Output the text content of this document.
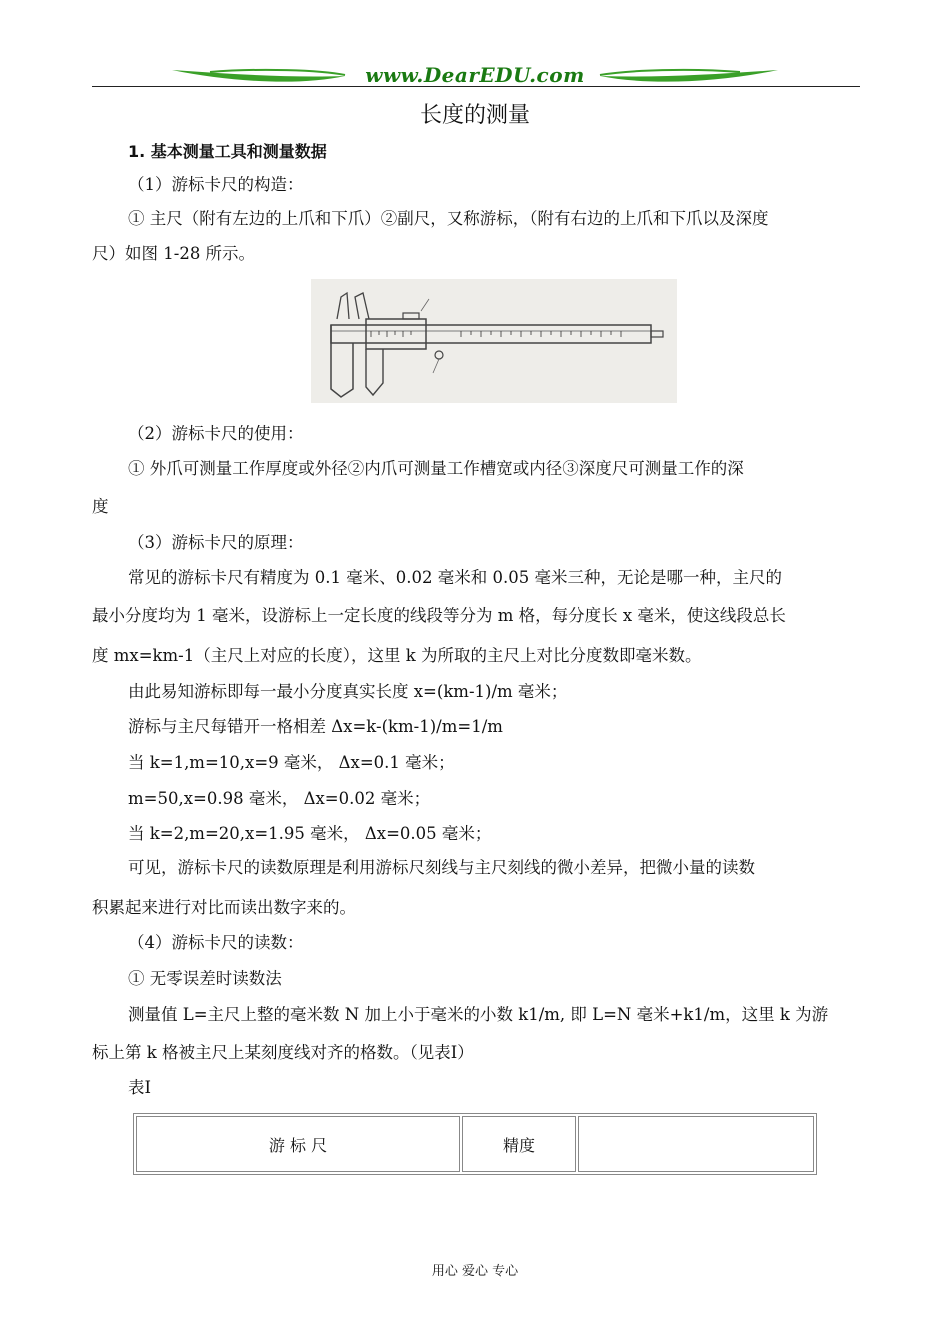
www.DearEDU.com
长度的测量
1. 基本测量工具和测量数据
（1）游标卡尺的构造：
① 主尺（附有左边的上爪和下爪）②副尺，又称游标，（附有右边的上爪和下爪以及深度
尺）如图 1-28 所示。
（2）游标卡尺的使用：
① 外爪可测量工作厚度或外径②内爪可测量工作槽宽或内径③深度尺可测量工作的深
度
（3）游标卡尺的原理：
常见的游标卡尺有精度为 0.1 毫米、0.02 毫米和 0.05 毫米三种，无论是哪一种，主尺的
最小分度均为 1 毫米，设游标上一定长度的线段等分为 m 格，每分度长 x 毫米，使这线段总长
度 mx=km-1（主尺上对应的长度），这里 k 为所取的主尺上对比分度数即毫米数。
由此易知游标即每一最小分度真实长度 x=(km-1)/m 毫米；
游标与主尺每错开一格相差 Δx=k-(km-1)/m=1/m
当 k=1,m=10,x=9 毫米， Δx=0.1 毫米；
m=50,x=0.98 毫米， Δx=0.02 毫米；
当 k=2,m=20,x=1.95 毫米， Δx=0.05 毫米；
可见，游标卡尺的读数原理是利用游标尺刻线与主尺刻线的微小差异，把微小量的读数
积累起来进行对比而读出数字来的。
（4）游标卡尺的读数：
① 无零误差时读数法
测量值 L=主尺上整的毫米数 N 加上小于毫米的小数 k1/m, 即 L=N 毫米+k1/m，这里 k 为游
标上第 k 格被主尺上某刻度线对齐的格数。（见表Ⅰ）
表Ⅰ
游 标 尺	精度	
用心 爱心 专心
